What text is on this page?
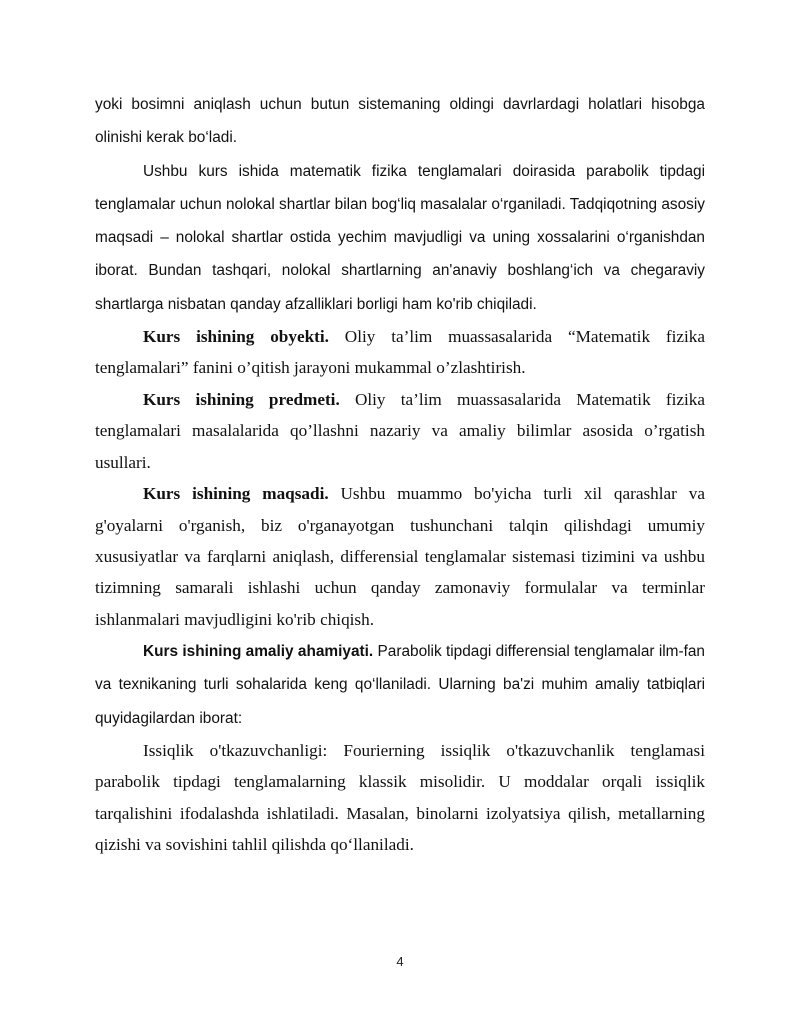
yoki bosimni aniqlash uchun butun sistemaning oldingi davrlardagi holatlari hisobga olinishi kerak bo‘ladi.

Ushbu kurs ishida matematik fizika tenglamalari doirasida parabolik tipdagi tenglamalar uchun nolokal shartlar bilan bog‘liq masalalar o‘rganiladi. Tadqiqotning asosiy maqsadi – nolokal shartlar ostida yechim mavjudligi va uning xossalarini o‘rganishdan iborat. Bundan tashqari, nolokal shartlarning an'anaviy boshlang‘ich va chegaraviy shartlarga nisbatan qanday afzalliklari borligi ham ko'rib chiqiladi.

Kurs ishining obyekti. Oliy ta’lim muassasalarida “Matematik fizika tenglamalari” fanini o’qitish jarayoni mukammal o’zlashtirish.

Kurs ishining predmeti. Oliy ta’lim muassasalarida Matematik fizika tenglamalari masalalarida qo’llashni nazariy va amaliy bilimlar asosida o’rgatish usullari.

Kurs ishining maqsadi. Ushbu muammo bo'yicha turli xil qarashlar va g'oyalarni o'rganish, biz o'rganayotgan tushunchani talqin qilishdagi umumiy xususiyatlar va farqlarni aniqlash, differensial tenglamalar sistemasi tizimini va ushbu tizimning samarali ishlashi uchun qanday zamonaviy formulalar va terminlar ishlanmalari mavjudligini ko'rib chiqish.

Kurs ishining amaliy ahamiyati. Parabolik tipdagi differensial tenglamalar ilm-fan va texnikaning turli sohalarida keng qo‘llaniladi. Ularning ba'zi muhim amaliy tatbiqlari quyidagilardan iborat:

Issiqlik o'tkazuvchanligi: Fourierning issiqlik o'tkazuvchanlik tenglamasi parabolik tipdagi tenglamalarning klassik misolidir. U moddalar orqali issiqlik tarqalishini ifodalashda ishlatiladi. Masalan, binolarni izolyatsiya qilish, metallarning qizishi va sovishini tahlil qilishda qo‘llaniladi.

4
